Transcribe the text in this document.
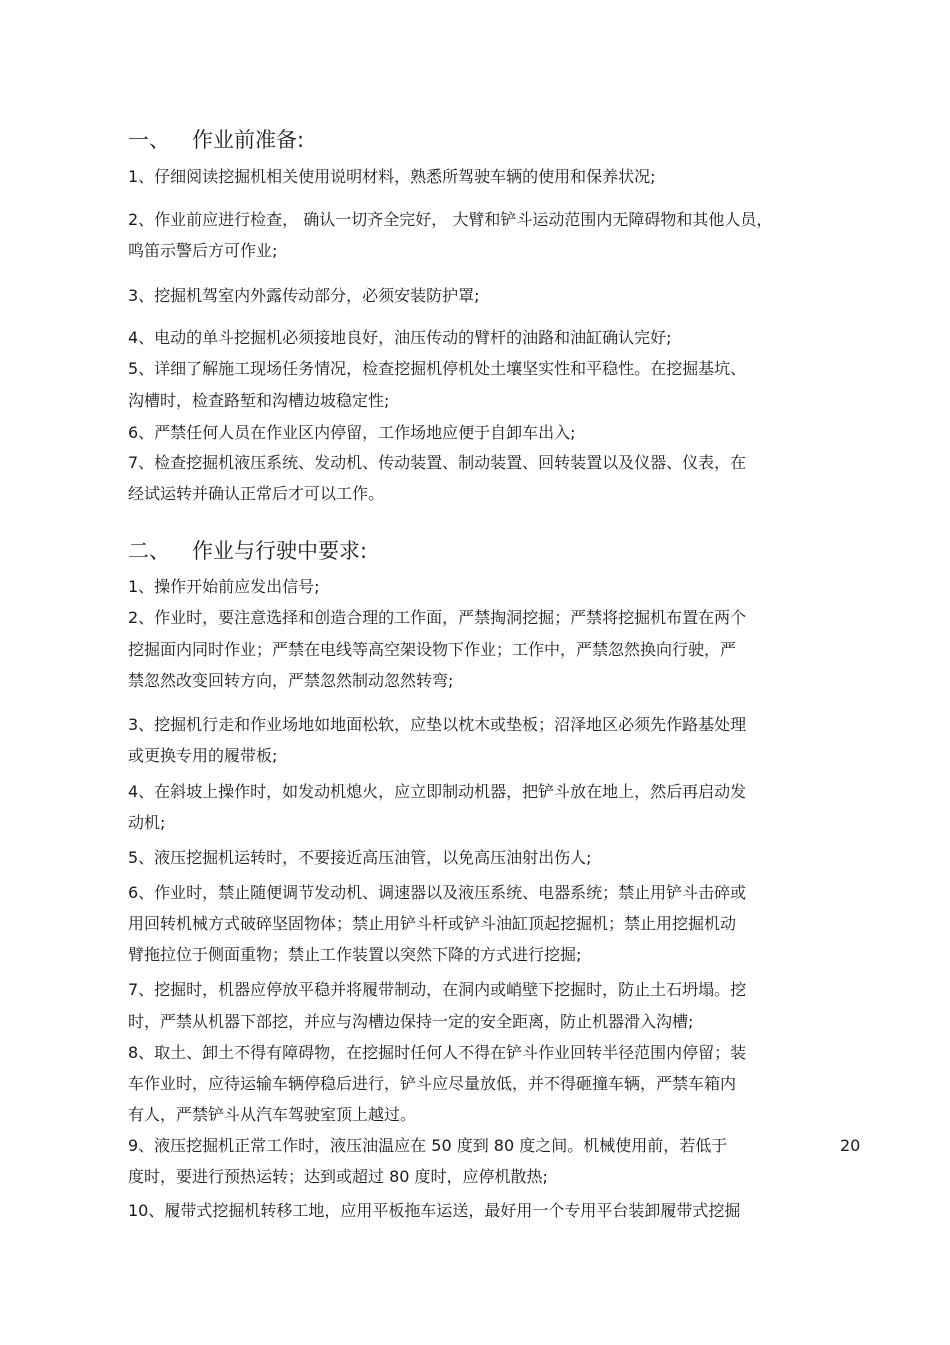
一、 作业前准备:
1、仔细阅读挖掘机相关使用说明材料，熟悉所驾驶车辆的使用和保养状况;
2、作业前应进行检查， 确认一切齐全完好， 大臂和铲斗运动范围内无障碍物和其他人员，
鸣笛示警后方可作业;
3、挖掘机驾室内外露传动部分，必须安装防护罩;
4、电动的单斗挖掘机必须接地良好，油压传动的臂杆的油路和油缸确认完好;
5、详细了解施工现场任务情况，检查挖掘机停机处土壤坚实性和平稳性。在挖掘基坑、
沟槽时，检查路堑和沟槽边坡稳定性;
6、严禁任何人员在作业区内停留，工作场地应便于自卸车出入;
7、检查挖掘机液压系统、发动机、传动装置、制动装置、回转装置以及仪器、仪表，在
经试运转并确认正常后才可以工作。
二、 作业与行驶中要求:
1、操作开始前应发出信号;
2、作业时，要注意选择和创造合理的工作面，严禁掏洞挖掘；严禁将挖掘机布置在两个
挖掘面内同时作业；严禁在电线等高空架设物下作业；工作中，严禁忽然换向行驶，严
禁忽然改变回转方向，严禁忽然制动忽然转弯;
3、挖掘机行走和作业场地如地面松软，应垫以枕木或垫板；沼泽地区必须先作路基处理
或更换专用的履带板;
4、在斜坡上操作时，如发动机熄火，应立即制动机器，把铲斗放在地上，然后再启动发
动机;
5、液压挖掘机运转时，不要接近高压油管，以免高压油射出伤人;
6、作业时，禁止随便调节发动机、调速器以及液压系统、电器系统；禁止用铲斗击碎或
用回转机械方式破碎坚固物体；禁止用铲斗杆或铲斗油缸顶起挖掘机；禁止用挖掘机动
臂拖拉位于侧面重物；禁止工作装置以突然下降的方式进行挖掘;
7、挖掘时，机器应停放平稳并将履带制动，在洞内或峭壁下挖掘时，防止土石坍塌。挖
时，严禁从机器下部挖，并应与沟槽边保持一定的安全距离，防止机器滑入沟槽;
8、取土、卸土不得有障碍物，在挖掘时任何人不得在铲斗作业回转半径范围内停留；装
车作业时，应待运输车辆停稳后进行，铲斗应尽量放低，并不得砸撞车辆，严禁车箱内
有人，严禁铲斗从汽车驾驶室顶上越过。
9、液压挖掘机正常工作时，液压油温应在 50 度到 80 度之间。机械使用前，若低于	20
度时，要进行预热运转；达到或超过 80 度时，应停机散热;
10、履带式挖掘机转移工地，应用平板拖车运送，最好用一个专用平台装卸履带式挖掘
